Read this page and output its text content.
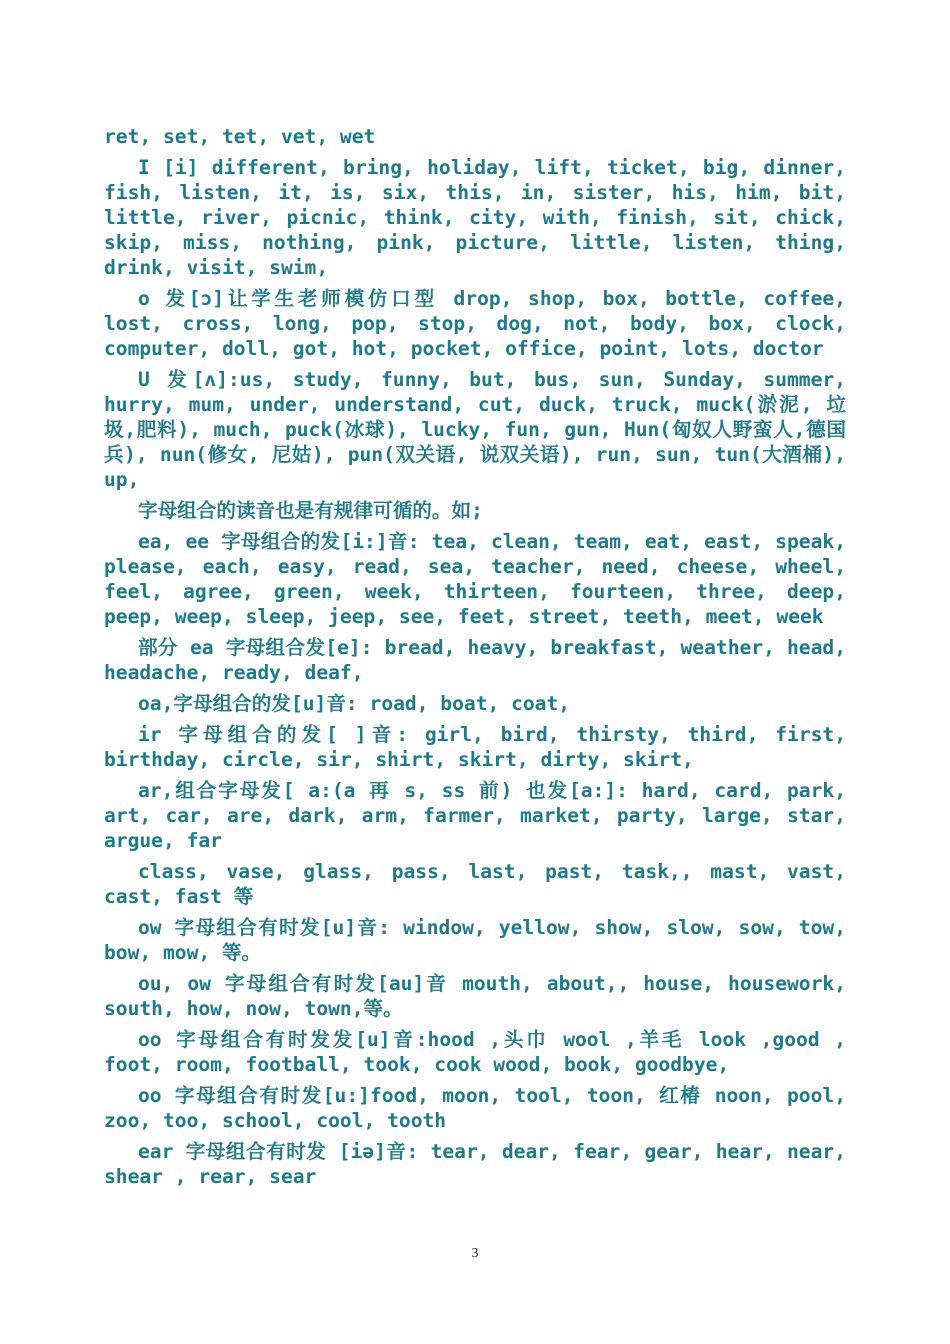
ret, set, tet, vet, wet

I [i] different, bring, holiday, lift, ticket, big, dinner, fish, listen, it, is, six, this, in, sister, his, him, bit, little, river, picnic, think, city, with, finish, sit, chick, skip, miss, nothing, pink, picture, little, listen, thing, drink, visit, swim,

o 发[ɔ]让学生老师模仿口型 drop, shop, box, bottle, coffee, lost, cross, long, pop, stop, dog, not, body, box, clock, computer, doll, got, hot, pocket, office, point, lots, doctor

U 发[ʌ]:us, study, funny, but, bus, sun, Sunday, summer, hurry, mum, under, understand, cut, duck, truck, muck(淤泥, 垃圾,肥料), much, puck(冰球), lucky, fun, gun, Hun(匈奴人野蛮人,德国兵), nun(修女, 尼姑), pun(双关语, 说双关语), run, sun, tun(大酒桶), up,

字母组合的读音也是有规律可循的。如;

ea, ee 字母组合的发[i:]音: tea, clean, team, eat, east, speak, please, each, easy, read, sea, teacher, need, cheese, wheel, feel, agree, green, week, thirteen, fourteen, three, deep, peep, weep, sleep, jeep, see, feet, street, teeth, meet, week

部分 ea 字母组合发[e]: bread, heavy, breakfast, weather, head, headache, ready, deaf,

oa,字母组合的发[u]音: road, boat, coat,

ir 字母组合的发[ ]音: girl, bird, thirsty, third, first, birthday, circle, sir, shirt, skirt, dirty, skirt,

ar,组合字母发[ a:(a 再 s, ss 前) 也发[a:]: hard, card, park, art, car, are, dark, arm, farmer, market, party, large, star, argue, far

class, vase, glass, pass, last, past, task,, mast, vast, cast, fast 等

ow 字母组合有时发[u]音: window, yellow, show, slow, sow, tow, bow, mow, 等。

ou, ow 字母组合有时发[au]音 mouth, about,, house, housework, south, how, now, town,等。

oo 字母组合有时发发[u]音:hood ,头巾 wool ,羊毛 look ,good , foot, room, football, took, cook wood, book, goodbye,

oo 字母组合有时发[u:]food, moon, tool, toon, 红椿 noon, pool, zoo, too, school, cool, tooth

ear 字母组合有时发 [iə]音: tear, dear, fear, gear, hear, near, shear , rear, sear

3
